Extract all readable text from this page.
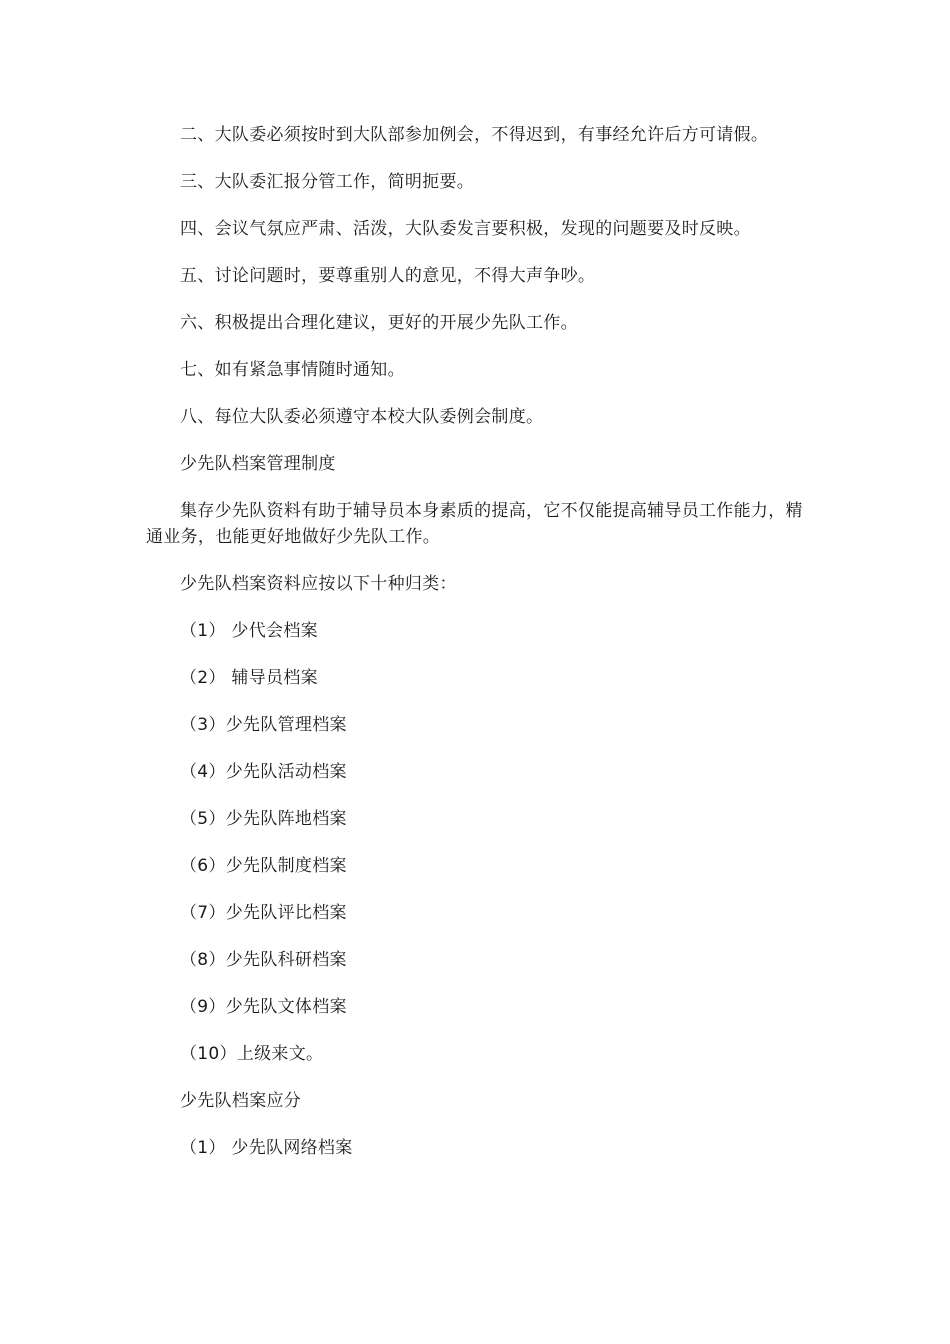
二、大队委必须按时到大队部参加例会，不得迟到，有事经允许后方可请假。

三、大队委汇报分管工作，简明扼要。

四、会议气氛应严肃、活泼，大队委发言要积极，发现的问题要及时反映。

五、讨论问题时，要尊重别人的意见，不得大声争吵。

六、积极提出合理化建议，更好的开展少先队工作。

七、如有紧急事情随时通知。

八、每位大队委必须遵守本校大队委例会制度。

少先队档案管理制度

集存少先队资料有助于辅导员本身素质的提高，它不仅能提高辅导员工作能力，精通业务，也能更好地做好少先队工作。

少先队档案资料应按以下十种归类：

（1） 少代会档案

（2） 辅导员档案

（3）少先队管理档案

（4）少先队活动档案

（5）少先队阵地档案

（6）少先队制度档案

（7）少先队评比档案

（8）少先队科研档案

（9）少先队文体档案

（10）上级来文。

少先队档案应分

（1） 少先队网络档案
